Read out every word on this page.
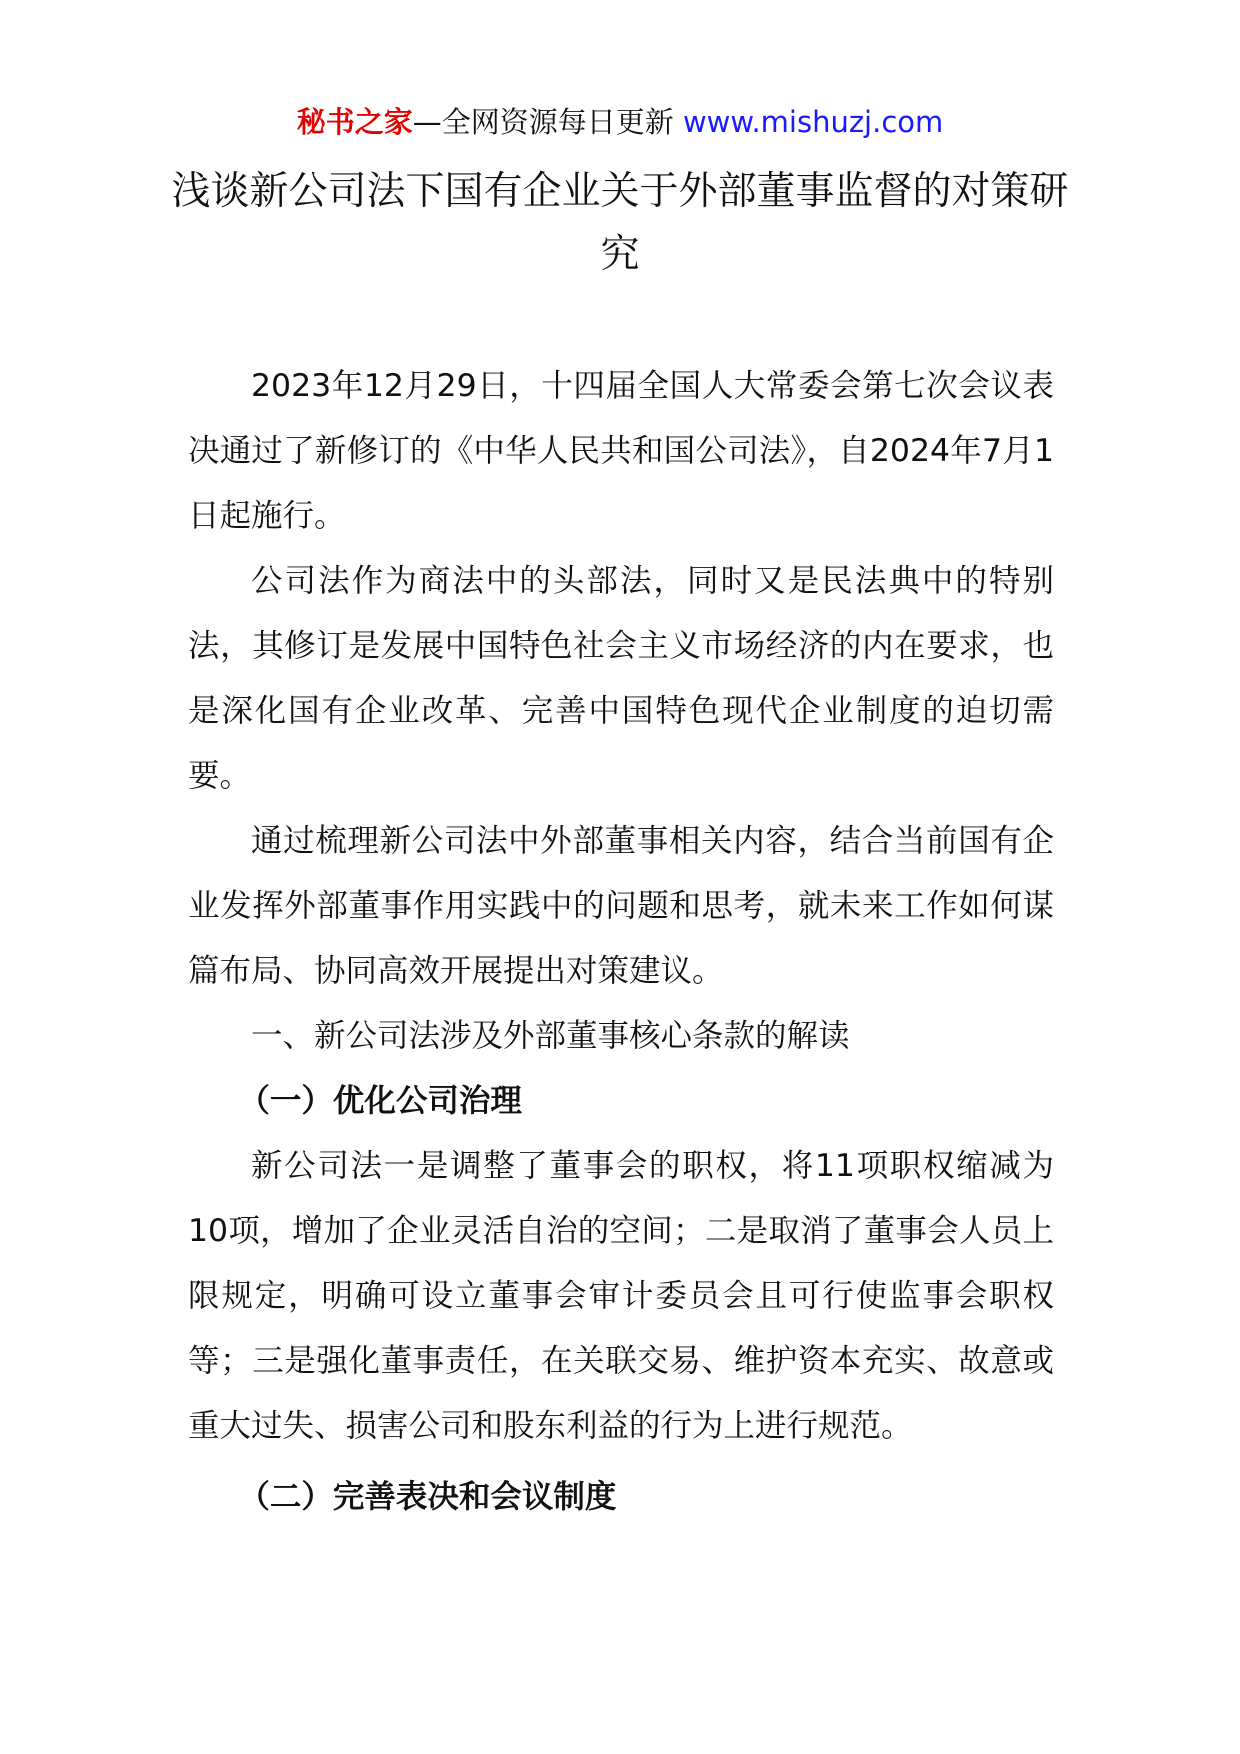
秘书之家—全网资源每日更新 www.mishuzj.com
浅谈新公司法下国有企业关于外部董事监督的对策研究

2023年12月29日，十四届全国人大常委会第七次会议表决通过了新修订的《中华人民共和国公司法》，自2024年7月1日起施行。

公司法作为商法中的头部法，同时又是民法典中的特别法，其修订是发展中国特色社会主义市场经济的内在要求，也是深化国有企业改革、完善中国特色现代企业制度的迫切需要。

通过梳理新公司法中外部董事相关内容，结合当前国有企业发挥外部董事作用实践中的问题和思考，就未来工作如何谋篇布局、协同高效开展提出对策建议。

一、新公司法涉及外部董事核心条款的解读

（一）优化公司治理

新公司法一是调整了董事会的职权，将11项职权缩减为10项，增加了企业灵活自治的空间；二是取消了董事会人员上限规定，明确可设立董事会审计委员会且可行使监事会职权等；三是强化董事责任，在关联交易、维护资本充实、故意或重大过失、损害公司和股东利益的行为上进行规范。

（二）完善表决和会议制度
